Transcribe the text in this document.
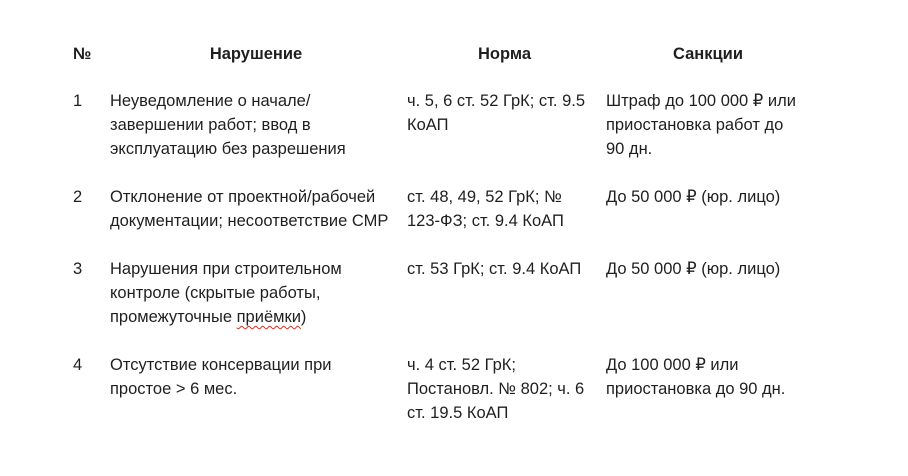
№	Нарушение	Норма	Санкции
1	Неуведомление о начале/завершении работ; ввод в эксплуатацию без разрешения	ч. 5, 6 ст. 52 ГрК; ст. 9.5 КоАП	Штраф до 100 000 ₽ или приостановка работ до 90 дн.
2	Отклонение от проектной/рабочей документации; несоответствие СМР	ст. 48, 49, 52 ГрК; № 123-ФЗ; ст. 9.4 КоАП	До 50 000 ₽ (юр. лицо)
3	Нарушения при строительном контроле (скрытые работы, промежуточные приёмки)	ст. 53 ГрК; ст. 9.4 КоАП	До 50 000 ₽ (юр. лицо)
4	Отсутствие консервации при простое > 6 мес.	ч. 4 ст. 52 ГрК; Постановл. № 802; ч. 6 ст. 19.5 КоАП	До 100 000 ₽ или приостановка до 90 дн.
